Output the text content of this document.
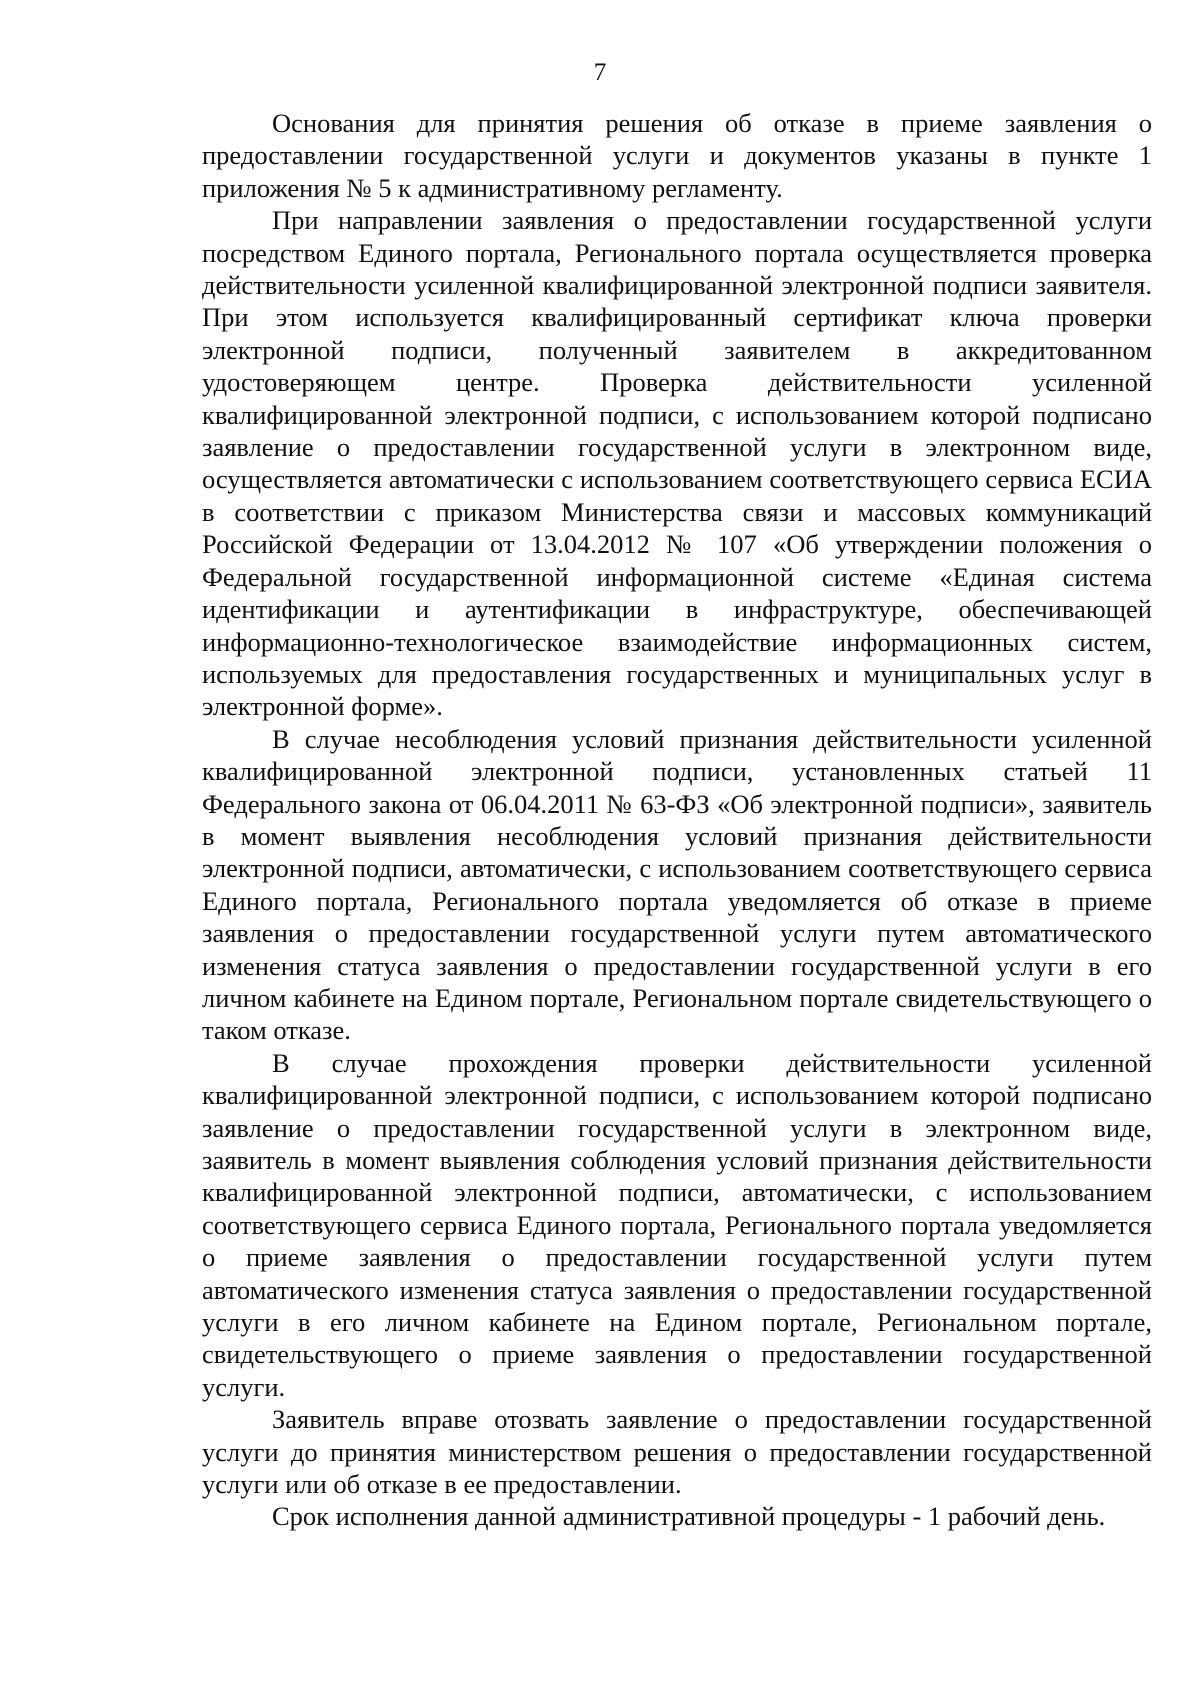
7

Основания для принятия решения об отказе в приеме заявления о предоставлении государственной услуги и документов указаны в пункте 1 приложения № 5 к административному регламенту.

При направлении заявления о предоставлении государственной услуги посредством Единого портала, Регионального портала осуществляется проверка действительности усиленной квалифицированной электронной подписи заявителя. При этом используется квалифицированный сертификат ключа проверки электронной подписи, полученный заявителем в аккредитованном удостоверяющем центре. Проверка действительности усиленной квалифицированной электронной подписи, с использованием которой подписано заявление о предоставлении государственной услуги в электронном виде, осуществляется автоматически с использованием соответствующего сервиса ЕСИА в соответствии с приказом Министерства связи и массовых коммуникаций Российской Федерации от 13.04.2012 № 107 «Об утверждении положения о Федеральной государственной информационной системе «Единая система идентификации и аутентификации в инфраструктуре, обеспечивающей информационно-технологическое взаимодействие информационных систем, используемых для предоставления государственных и муниципальных услуг в электронной форме».

В случае несоблюдения условий признания действительности усиленной квалифицированной электронной подписи, установленных статьей 11 Федерального закона от 06.04.2011 № 63-ФЗ «Об электронной подписи», заявитель в момент выявления несоблюдения условий признания действительности электронной подписи, автоматически, с использованием соответствующего сервиса Единого портала, Регионального портала уведомляется об отказе в приеме заявления о предоставлении государственной услуги путем автоматического изменения статуса заявления о предоставлении государственной услуги в его личном кабинете на Едином портале, Региональном портале свидетельствующего о таком отказе.

В случае прохождения проверки действительности усиленной квалифицированной электронной подписи, с использованием которой подписано заявление о предоставлении государственной услуги в электронном виде, заявитель в момент выявления соблюдения условий признания действительности квалифицированной электронной подписи, автоматически, с использованием соответствующего сервиса Единого портала, Регионального портала уведомляется о приеме заявления о предоставлении государственной услуги путем автоматического изменения статуса заявления о предоставлении государственной услуги в его личном кабинете на Едином портале, Региональном портале, свидетельствующего о приеме заявления о предоставлении государственной услуги.

Заявитель вправе отозвать заявление о предоставлении государственной услуги до принятия министерством решения о предоставлении государственной услуги или об отказе в ее предоставлении.

Срок исполнения данной административной процедуры - 1 рабочий день.
